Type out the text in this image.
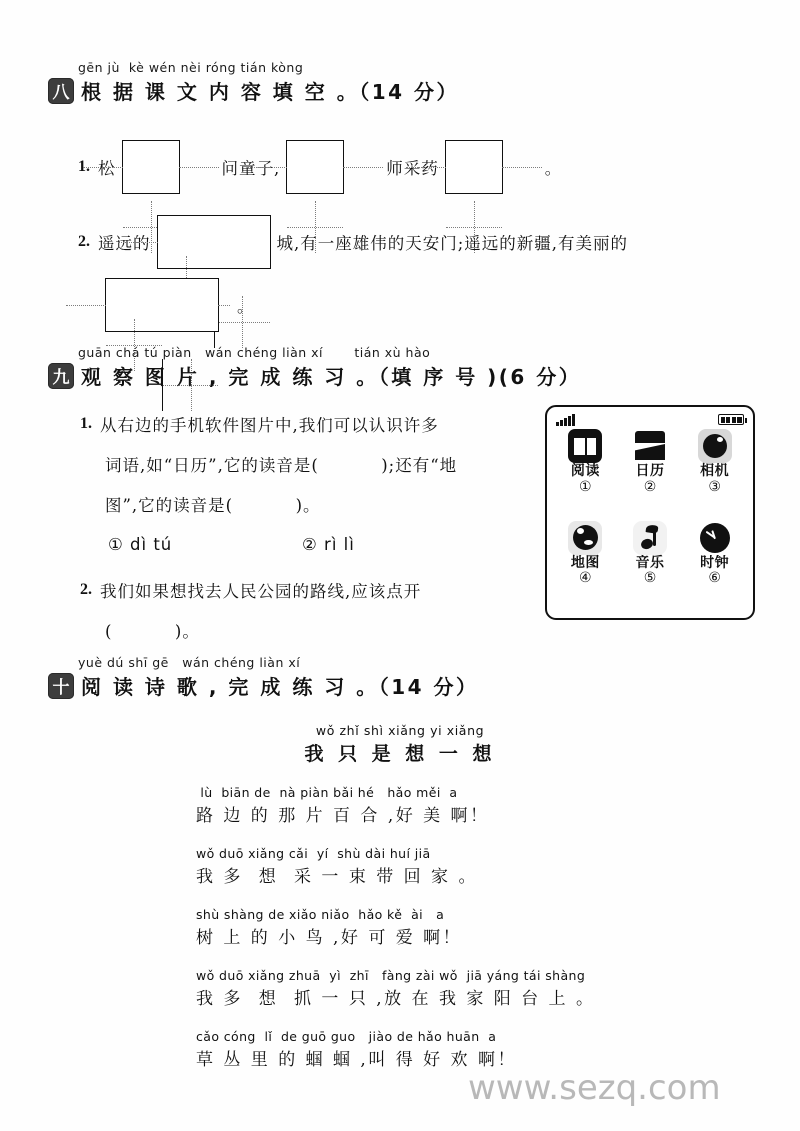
gēn jù  kè wén nèi róng tián kòng
八 根 据 课 文 内 容 填 空 。（14 分）
1. 松

	问童子,

	师采药

	。
2. 遥远的

	城,有一座雄伟的天安门;遥远的新疆,有美丽的

。
guān chá tú piàn   wán chéng liàn xí       tián xù hào
九 观 察 图 片 , 完 成 练 习 。（填 序 号 )(6 分）
1. 从右边的手机软件图片中,我们可以认识许多
词语,如“日历”,它的读音是(          );还有“地
图”,它的读音是(          )。
① dì tú	② rì lì
2. 我们如果想找去人民公园的路线,应该点开
(          )。
阅读
①
日历
②
相机
③
地图
④
音乐
⑤
时钟
⑥
yuè dú shī gē   wán chéng liàn xí
十 阅 读 诗 歌 , 完 成 练 习 。（14 分）
wǒ zhǐ shì xiǎng yi xiǎng
我 只 是 想 一 想
lù  biān de  nà piàn bǎi hé   hǎo měi  a
路 边 的 那 片 百 合 ,好 美 啊！
wǒ duō xiǎng cǎi  yí  shù dài huí jiā
我 多  想  采 一 束 带 回 家 。
shù shàng de xiǎo niǎo  hǎo kě  ài   a
树 上 的 小 鸟 ,好 可 爱 啊！
wǒ duō xiǎng zhuā  yì  zhī   fàng zài wǒ  jiā yáng tái shàng
我 多  想  抓 一 只 ,放 在 我 家 阳 台 上 。
cǎo cóng  lǐ  de guō guo   jiào de hǎo huān  a
草 丛 里 的 蝈 蝈 ,叫 得 好 欢 啊！
www.sezq.com
